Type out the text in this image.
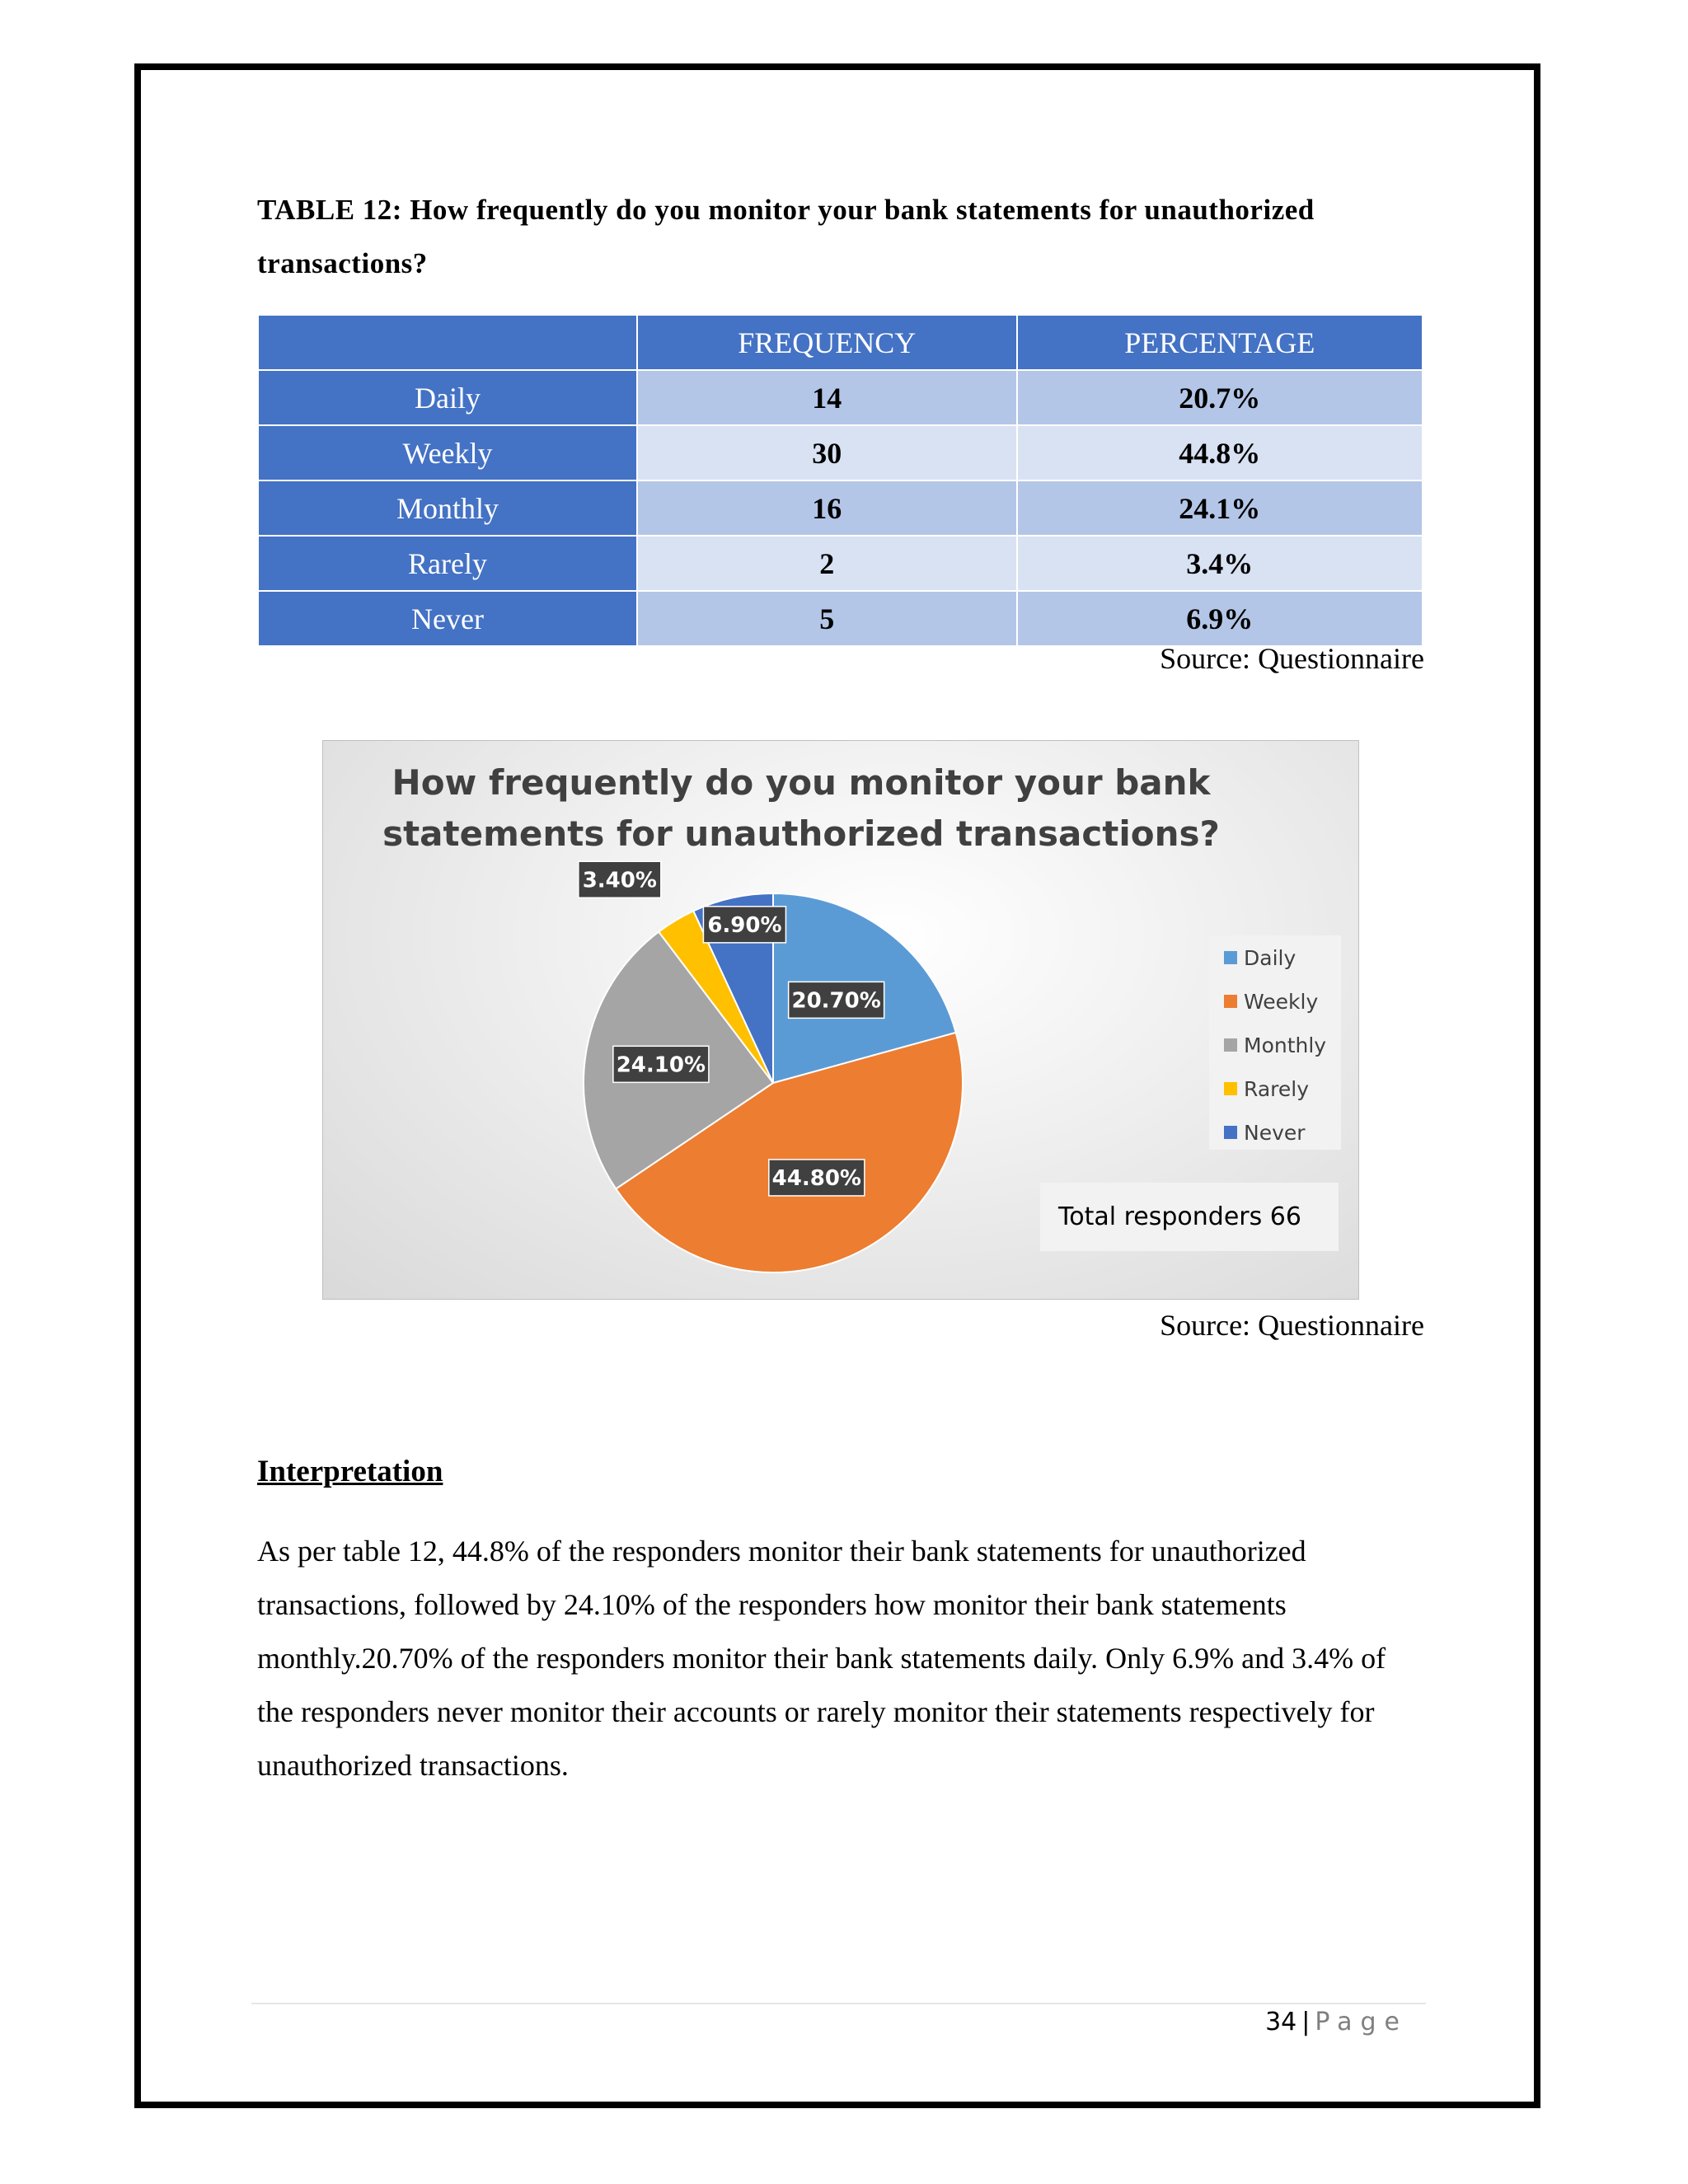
TABLE 12: How frequently do you monitor your bank statements for unauthorized
transactions?
	FREQUENCY	PERCENTAGE
Daily	14	20.7%
Weekly	30	44.8%
Monthly	16	24.1%
Rarely	2	3.4%
Never	5	6.9%
Source: Questionnaire
How frequently do you monitor your bank
statements for unauthorized transactions?
20.70%
44.80%
24.10%
3.40%
6.90%
Daily
Weekly
Monthly
Rarely
Never
Total responders 66
Source: Questionnaire
Interpretation
As per table 12, 44.8% of the responders monitor their bank statements for unauthorized transactions, followed by 24.10% of the responders how monitor their bank statements monthly.20.70% of the responders monitor their bank statements daily. Only 6.9% and 3.4% of the responders never monitor their accounts or rarely monitor their statements respectively for unauthorized transactions.
34 | Page
